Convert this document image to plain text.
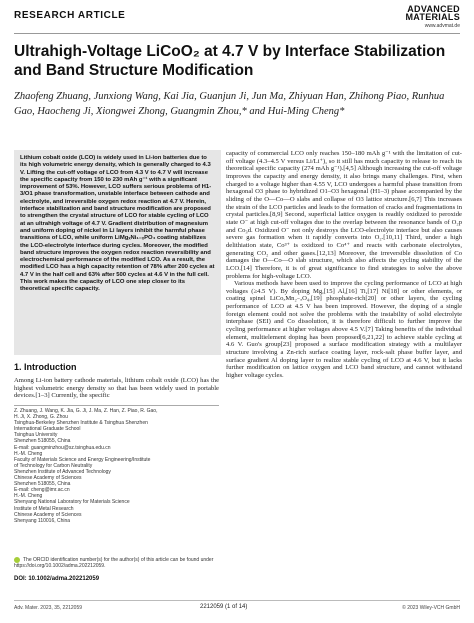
RESEARCH ARTICLE
ADVANCED
MATERIALS
www.advmat.de
Ultrahigh-Voltage LiCoO₂ at 4.7 V by Interface Stabilization and Band Structure Modification
Zhaofeng Zhuang, Junxiong Wang, Kai Jia, Guanjun Ji, Jun Ma, Zhiyuan Han, Zhihong Piao, Runhua Gao, Haocheng Ji, Xiongwei Zhong, Guangmin Zhou,* and Hui-Ming Cheng*

Lithium cobalt oxide (LCO) is widely used in Li-ion batteries due to its high volumetric energy density, which is generally charged to 4.3 V. Lifting the cut-off voltage of LCO from 4.3 V to 4.7 V will increase the specific capacity from 150 to 230 mAh g⁻¹ with a significant improvement of 53%. However, LCO suffers serious problems of H1-3/O1 phase transformation, unstable interface between cathode and electrolyte, and irreversible oxygen redox reaction at 4.7 V. Herein, interface stabilization and band structure modification are proposed to strengthen the crystal structure of LCO for stable cycling of LCO at an ultrahigh voltage of 4.7 V. Gradient distribution of magnesium and uniform doping of nickel in Li layers inhibit the harmful phase transitions of LCO, while uniform LiMgₓNi₁₋ₓPO₄ coating stabilizes the LCO-electrolyte interface during cycles. Moreover, the modified band structure improves the oxygen redox reaction reversibility and electrochemical performance of the modified LCO. As a result, the modified LCO has a high capacity retention of 78% after 200 cycles at 4.7 V in the half cell and 63% after 500 cycles at 4.6 V in the full cell. This work makes the capacity of LCO one step closer to its theoretical specific capacity.

capacity of commercial LCO only reaches 150–180 mAh g⁻¹ with the limitation of cut-off voltage (4.3–4.5 V versus Li/Li⁺), so it still has much capacity to release to reach its theoretical specific capacity (274 mAh g⁻¹).[4,5] Although increasing the cut-off voltage improves the capacity and energy density, it also brings many challenges. First, when charged to a voltage higher than 4.55 V, LCO undergoes a harmful phase transition from hexagonal O3 phase to hybridized O1–O3 hexagonal (H1–3) phase accompanied by the sliding of the O—Co—O slabs and collapse of O3 lattice structure.[6,7] This increases the strain of the LCO particles and leads to the formation of cracks and fragmentations in crystal particles.[8,9] Second, superficial lattice oxygen is readily oxidized to peroxide state O⁻ at high cut-off voltages due to the overlap between the resonance bands of O₂p and Co₃d. Oxidized O⁻ not only destroys the LCO-electrolyte interface but also causes severe gas formation when it rapidly converts into O₂.[10,11] Third, under a high delithiation state, Co³⁺ is oxidized to Co⁴⁺ and reacts with carbonate electrolytes, generating CO₂ and other gases.[12,13] Moreover, the irreversible dissolution of Co damages the O—Co—O slab structure, which also affects the cycling stability of the LCO.[14] Therefore, it is of great significance to find strategies to solve the above problems for high-voltage LCO.

Various methods have been used to improve the cycling performance of LCO at high voltages (≥4.5 V). By doping Mg,[15] Al,[16] Ti,[17] Ni[18] or other elements, or coating spinel LiCoₓMn₂₋ₓO₄,[19] phosphate-rich[20] or other layers, the cycling performance of LCO at 4.5 V has been improved. However, the doping of a single foreign element could not solve the problems with the instability of solid electrolyte interphase (SEI) and Co dissolution, it is therefore difficult to further improve the cycling performance at higher voltages above 4.5 V.[7] Taking benefits of the individual element, multielement doping has been proposed[6,21,22] to achieve stable cycling at 4.6 V. Guo's group[23] proposed a surface modification strategy with a multilayer structure involving a Zn-rich surface coating layer, rock-salt phase buffer layer, and surface gradient Al doping layer to realize stable cycling of LCO at 4.6 V, but it lacks further modification on lattice oxygen and LCO band structure, and cannot withstand higher voltage cycles.

1. Introduction

Among Li-ion battery cathode materials, lithium cobalt oxide (LCO) has the highest volumetric energy density so that has been widely used in portable devices.[1–3] Currently, the specific

Z. Zhuang, J. Wang, K. Jia, G. Ji, J. Ma, Z. Han, Z. Piao, R. Gao,
H. Ji, X. Zhong, G. Zhou
Tsinghua-Berkeley Shenzhen Institute & Tsinghua Shenzhen
International Graduate School
Tsinghua University
Shenzhen 518055, China
E-mail: guangminzhou@sz.tsinghua.edu.cn
H.-M. Cheng
Faculty of Materials Science and Energy Engineering/Institute
of Technology for Carbon Neutrality
Shenzhen Institute of Advanced Technology
Chinese Academy of Sciences
Shenzhen 518055, China
E-mail: cheng@imr.ac.cn
H.-M. Cheng
Shenyang National Laboratory for Materials Science
Institute of Metal Research
Chinese Academy of Sciences
Shenyang 110016, China
The ORCID identification number(s) for the author(s) of this article can be found under https://doi.org/10.1002/adma.202212059.
DOI: 10.1002/adma.202212059
Adv. Mater. 2023, 35, 2212059	2212059 (1 of 14)	© 2023 Wiley-VCH GmbH
